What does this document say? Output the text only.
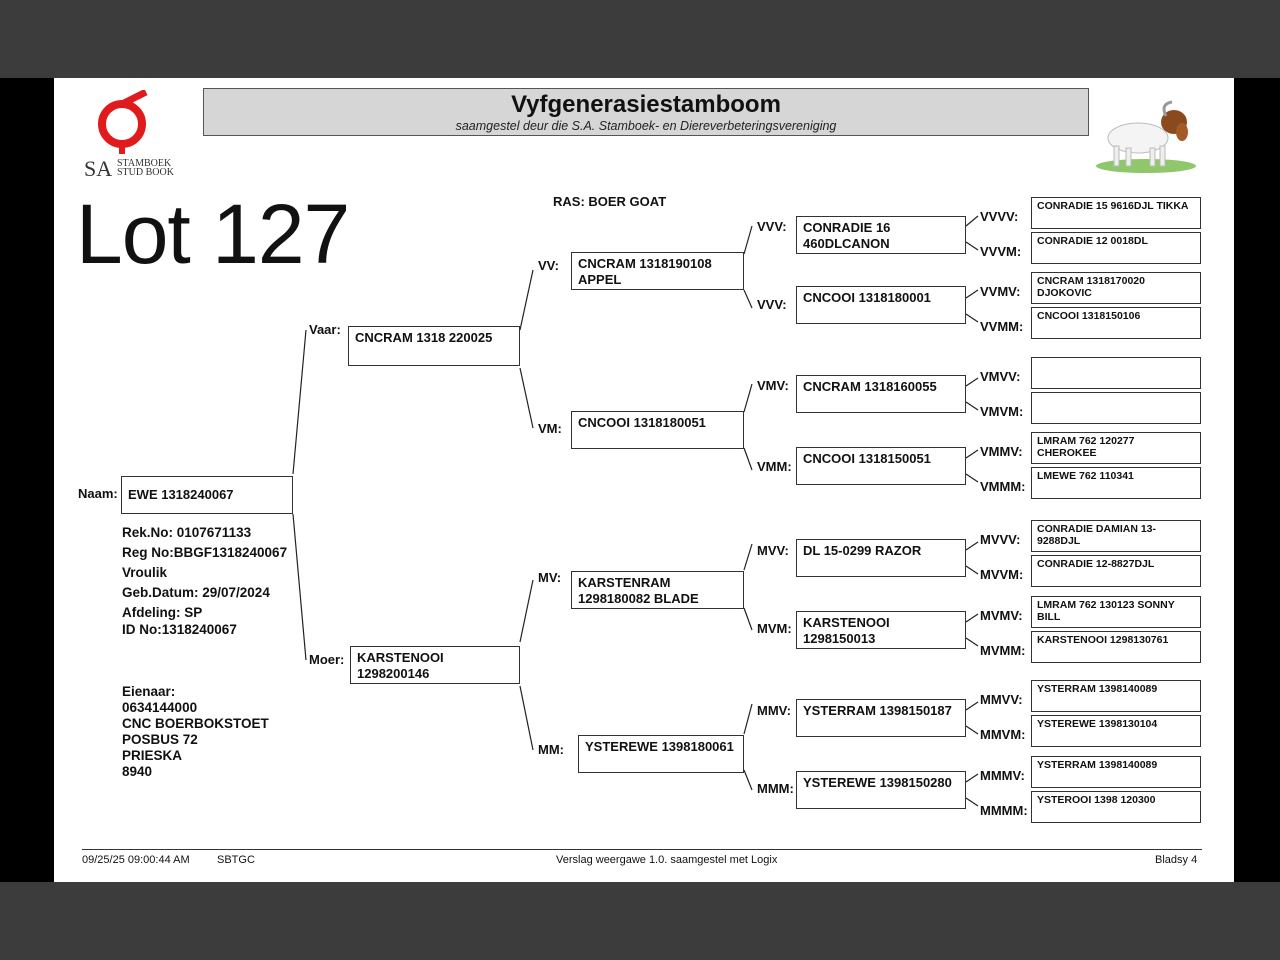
SA STAMBOEK
STUD BOOK
Vyfgenerasiestamboom
saamgestel deur die S.A. Stamboek- en Diereverbeteringsvereniging
Lot 127	RAS: BOER GOAT
Naam: EWE 1318240067
Rek.No: 0107671133
Reg No:BBGF1318240067
Vroulik
Geb.Datum: 29/07/2024
Afdeling: SP
ID No:1318240067
Eienaar:
0634144000
CNC BOERBOKSTOET
POSBUS 72
PRIESKA
8940
Vaar:
CNCRAM 1318 220025
Moer: KARSTENOOI 1298200146
VV:	CNCRAM 1318190108 APPEL
VM:	CNCOOI 1318180051
MV:	KARSTENRAM 1298180082 BLADE
MM:	YSTEREWE 1398180061
VVV:	CONRADIE 16 460DLCANON
VVV:	CNCOOI 1318180001
VMV:	CNCRAM 1318160055
VMM:
CNCOOI 1318150051
MVV:	DL 15-0299 RAZOR
MVM: KARSTENOOI 1298150013
MMV: YSTERRAM 1398150187
MMM: YSTEREWE 1398150280
VVVV:
CONRADIE 15 9616DJL TIKKA
VVVM:
CONRADIE 12 0018DL
VVMV:
CNCRAM 1318170020 DJOKOVIC
VVMM:
CNCOOI 1318150106
VMVV:
VMVM:
VMMV:
LMRAM 762 120277 CHEROKEE
VMMM:
LMEWE 762 110341
MVVV:
CONRADIE DAMIAN 13-9288DJL
MVVM:
CONRADIE 12-8827DJL
MVMV:
LMRAM 762 130123 SONNY BILL
MVMM:
KARSTENOOI 1298130761
MMVV:
YSTERRAM 1398140089
MMVM:
YSTEREWE 1398130104
MMMV:
YSTERRAM 1398140089
MMMM:
YSTEROOI 1398 120300
09/25/25 09:00:44 AM SBTGC	Verslag weergawe 1.0. saamgestel met Logix	Bladsy 4
